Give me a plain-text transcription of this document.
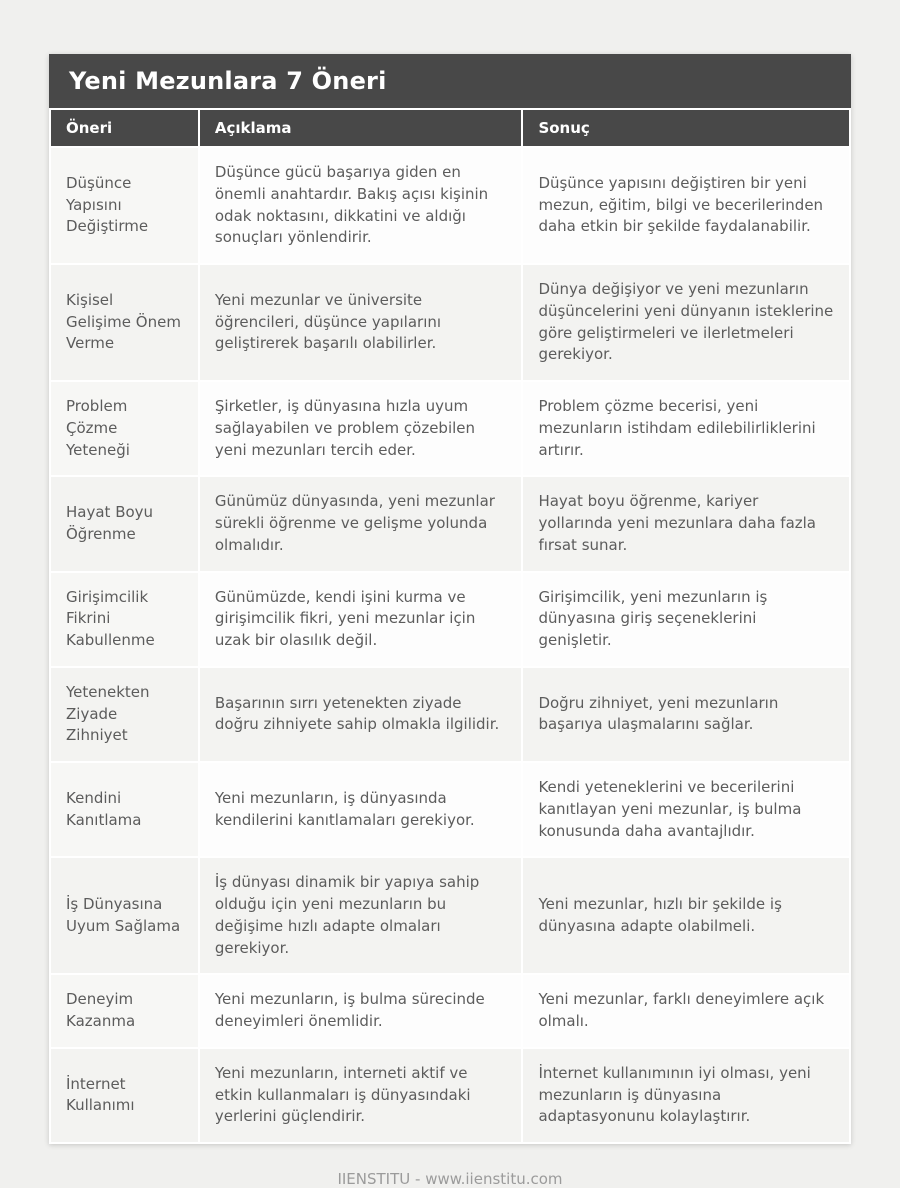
Yeni Mezunlara 7 Öneri
Öneri	Açıklama	Sonuç
Düşünce Yapısını Değiştirme	Düşünce gücü başarıya giden en önemli anahtardır. Bakış açısı kişinin odak noktasını, dikkatini ve aldığı sonuçları yönlendirir.	Düşünce yapısını değiştiren bir yeni mezun, eğitim, bilgi ve becerilerinden daha etkin bir şekilde faydalanabilir.
Kişisel Gelişime Önem Verme	Yeni mezunlar ve üniversite öğrencileri, düşünce yapılarını geliştirerek başarılı olabilirler.	Dünya değişiyor ve yeni mezunların düşüncelerini yeni dünyanın isteklerine göre geliştirmeleri ve ilerletmeleri gerekiyor.
Problem Çözme Yeteneği	Şirketler, iş dünyasına hızla uyum sağlayabilen ve problem çözebilen yeni mezunları tercih eder.	Problem çözme becerisi, yeni mezunların istihdam edilebilirliklerini artırır.
Hayat Boyu Öğrenme	Günümüz dünyasında, yeni mezunlar sürekli öğrenme ve gelişme yolunda olmalıdır.	Hayat boyu öğrenme, kariyer yollarında yeni mezunlara daha fazla fırsat sunar.
Girişimcilik Fikrini Kabullenme	Günümüzde, kendi işini kurma ve girişimcilik fikri, yeni mezunlar için uzak bir olasılık değil.	Girişimcilik, yeni mezunların iş dünyasına giriş seçeneklerini genişletir.
Yetenekten Ziyade Zihniyet	Başarının sırrı yetenekten ziyade doğru zihniyete sahip olmakla ilgilidir.	Doğru zihniyet, yeni mezunların başarıya ulaşmalarını sağlar.
Kendini Kanıtlama	Yeni mezunların, iş dünyasında kendilerini kanıtlamaları gerekiyor.	Kendi yeteneklerini ve becerilerini kanıtlayan yeni mezunlar, iş bulma konusunda daha avantajlıdır.
İş Dünyasına Uyum Sağlama	İş dünyası dinamik bir yapıya sahip olduğu için yeni mezunların bu değişime hızlı adapte olmaları gerekiyor.	Yeni mezunlar, hızlı bir şekilde iş dünyasına adapte olabilmeli.
Deneyim Kazanma	Yeni mezunların, iş bulma sürecinde deneyimleri önemlidir.	Yeni mezunlar, farklı deneyimlere açık olmalı.
İnternet Kullanımı	Yeni mezunların, interneti aktif ve etkin kullanmaları iş dünyasındaki yerlerini güçlendirir.	İnternet kullanımının iyi olması, yeni mezunların iş dünyasına adaptasyonunu kolaylaştırır.
IIENSTITU - www.iienstitu.com
